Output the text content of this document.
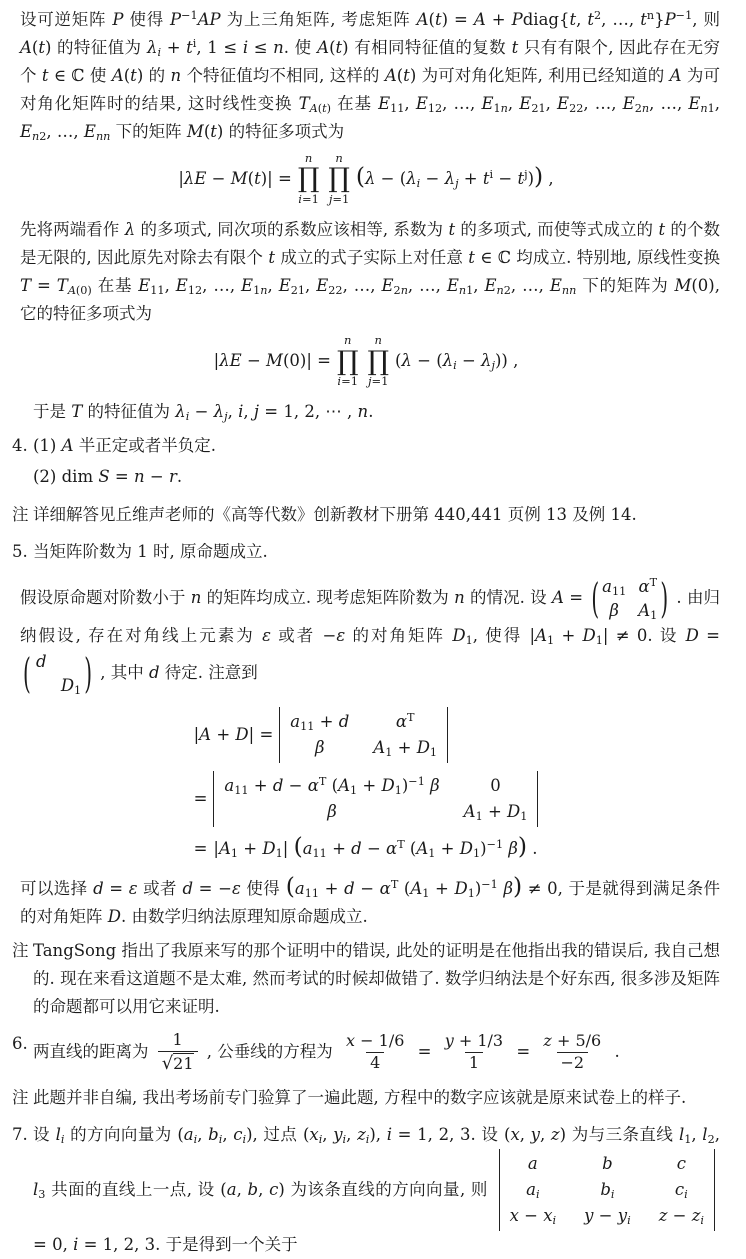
设可逆矩阵 P 使得 $P^{-1}AP$ 为上三角矩阵, 考虑矩阵 A(t) = A + Pdiag{t, $t^2$, …, $t^n\}P^{-1}$, 则 A(t) 的特征值为 $\lambda_i + t^i$, 1 ≤ i ≤ n. 使 A(t) 有相同特征值的复数 t 只有有限个, 因此存在无穷个 t ∈ ℂ 使 A(t) 的 n 个特征值均不相同, 这样的 A(t) 为可对角化矩阵, 利用已经知道的 A 为可对角化矩阵时的结果, 这时线性变换 $T_{A(t)}$ 在基 $E_{11}$, $E_{12}$, …, $E_{1n}$, $E_{21}$, $E_{22}$, …, $E_{2n}$, …, $E_{n1}$, $E_{n2}$, …, $E_{nn}$ 下的矩阵 M(t) 的特征多项式为

|λE − M(t)| =
n
∏
i=1
n
∏
j=1
$(\lambda - (\lambda_i - \lambda_j + t^i - t^j))$ ,

先将两端看作 λ 的多项式, 同次项的系数应该相等, 系数为 t 的多项式, 而使等式成立的 t 的个数是无限的, 因此原先对除去有限个 t 成立的式子实际上对任意 t ∈ ℂ 均成立. 特别地, 原线性变换 $T = T_{A(0)}$ 在基 $E_{11}$, $E_{12}$, …, $E_{1n}$, $E_{21}$, $E_{22}$, …, $E_{2n}$, …, $E_{n1}$, $E_{n2}$, …, $E_{nn}$ 下的矩阵为 M(0), 它的特征多项式为

|λE − M(0)| =
n
∏
i=1
n
∏
j=1
$(\lambda - (\lambda_i - \lambda_j))$ ,

于是 T 的特征值为 $\lambda_i - \lambda_j$, i, j = 1, 2, ⋯ , n.

4. (1) A 半正定或者半负定.
(2) dim S = n − r.
注 详细解答见丘维声老师的《高等代数》创新教材下册第 440,441 页例 13 及例 14.
5. 当矩阵阶数为 1 时, 原命题成立.

假设原命题对阶数小于 n 的矩阵均成立. 现考虑矩阵阶数为 n 的情况. 设 A = ( $a_{11}$ $\alpha^T$
β	$A_1$ ) . 由归纳假设, 存在对角线上元素为 ε 或者 −ε 的对角矩阵 $D_1$, 使得 $|A_1 + D_1| \ne 0$. 设 D =
( d
$D_1$ ) , 其中 d 待定. 注意到

|A + D| =	
$a_{11} + d$	$\alpha^T$
β	$A_1 + D_1$
=	
$a_{11} + d - \alpha^T$ $(A_1 + D_1)^{-1}$ β	0
β	$A_1 + D_1$
=	$|A_1 + D_1|$ ($a_{11} + d - \alpha^T$ $(A_1 + D_1)^{-1}$ β) .

可以选择 d = ε 或者 d = −ε 使得 ($a_{11} + d - \alpha^T$ $(A_1 + D_1)^{-1}$ β) ≠ 0, 于是就得到满足条件的对角矩阵 D. 由数学归纳法原理知原命题成立.

注 TangSong 指出了我原来写的那个证明中的错误, 此处的证明是在他指出我的错误后, 我自己想的. 现在来看这道题不是太难, 然而考试的时候却做错了. 数学归纳法是个好东西, 很多涉及矩阵的命题都可以用它来证明.
6. 两直线的距离为 $\frac{1}{√21}$ , 公垂线的方程为 $\frac{x - 1/6}{4} = \frac{y + 1/3}{1} = \frac{z + 5/6}{-2}$ .
注 此题并非自编, 我出考场前专门验算了一遍此题, 方程中的数字应该就是原来试卷上的样子.
7. 设 $l_i$ 的方向向量为 ($a_i$, $b_i$, $c_i$), 过点 ($x_i$, $y_i$, $z_i$), i = 1, 2, 3. 设 (x, y, z) 为与三条直线 $l_1$, $l_2$, $l_3$ 共面的直线上一点, 设 (a, b, c) 为该条直线的方向向量, 则
a	b	c
$a_i$	$b_i$	$c_i$
$x - x_i$ $y - y_i$ $z - z_i$
= 0, i = 1, 2, 3. 于是得到一个关于
